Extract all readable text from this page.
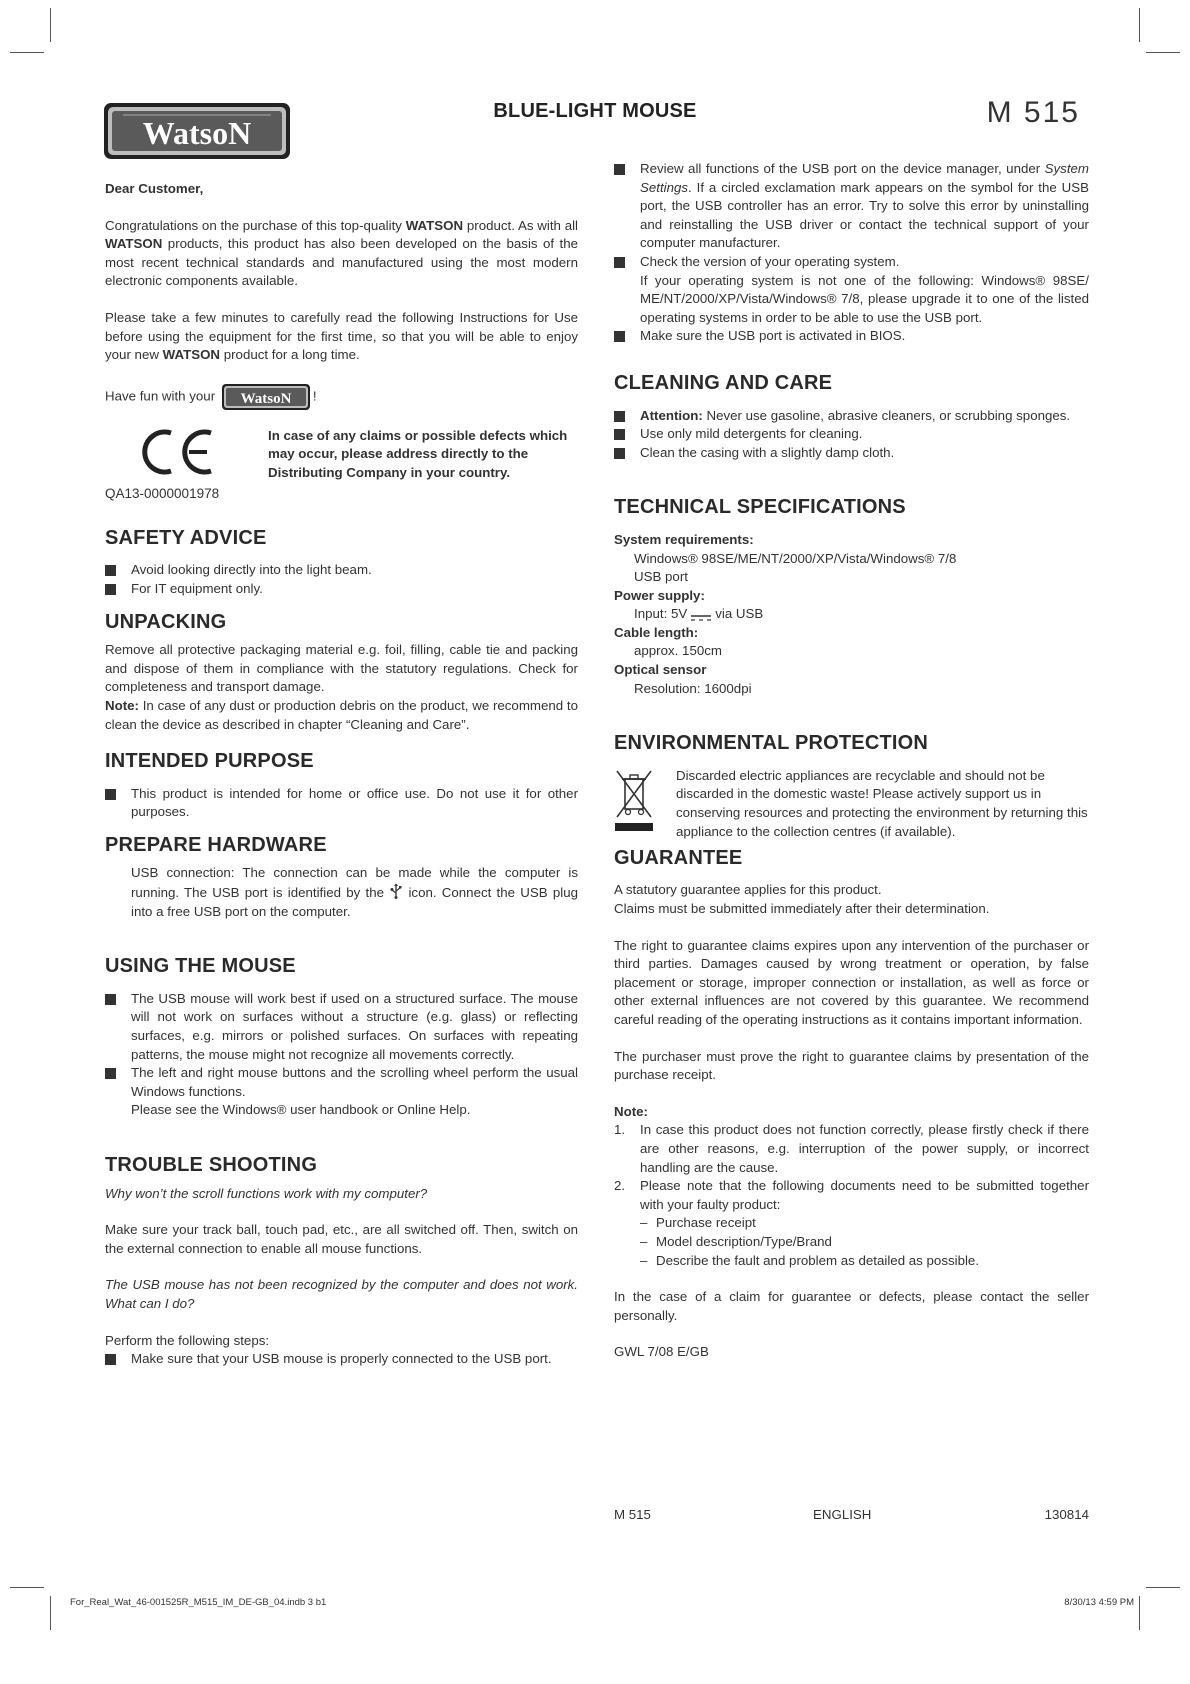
WatsoN
BLUE-LIGHT MOUSE	M 515

Dear Customer,

Congratulations on the purchase of this top-quality WATSON product. As with all WATSON products, this product has also been developed on the basis of the most recent technical standards and manufactured using the most modern electronic components available.

Please take a few minutes to carefully read the following Instructions for Use before using the equipment for the first time, so that you will be able to enjoy your new WATSON product for a long time.

Have fun with your WatsoN !

QA13-0000001978
In case of any claims or possible defects which may occur, please address directly to the Distributing Company in your country.
SAFETY ADVICE
Avoid looking directly into the light beam.
For IT equipment only.
UNPACKING

Remove all protective packaging material e.g. foil, filling, cable tie and packing and dispose of them in compliance with the statutory regulations. Check for completeness and transport damage.

Note: In case of any dust or production debris on the product, we recommend to clean the device as described in chapter “Cleaning and Care”.

INTENDED PURPOSE
This product is intended for home or office use. Do not use it for other purposes.
PREPARE HARDWARE

USB connection: The connection can be made while the computer is running. The USB port is identified by the  icon. Connect the USB plug into a free USB port on the computer.

USING THE MOUSE
The USB mouse will work best if used on a structured surface. The mouse will not work on surfaces without a structure (e.g. glass) or reflecting surfaces, e.g. mirrors or polished surfaces. On surfaces with repeating patterns, the mouse might not recognize all movements correctly.
The left and right mouse buttons and the scrolling wheel perform the usual Windows functions.
Please see the Windows® user handbook or Online Help.
TROUBLE SHOOTING

Why won’t the scroll functions work with my computer?

Make sure your track ball, touch pad, etc., are all switched off. Then, switch on the external connection to enable all mouse functions.

The USB mouse has not been recognized by the computer and does not work. What can I do?

Perform the following steps:

Make sure that your USB mouse is properly connected to the USB port.
Review all functions of the USB port on the device manager, under System Settings. If a circled exclamation mark appears on the symbol for the USB port, the USB controller has an error. Try to solve this error by uninstalling and reinstalling the USB driver or contact the technical support of your computer manufacturer.
Check the version of your operating system.
If your operating system is not one of the following: Windows® 98SE/ ME/NT/2000/XP/Vista/Windows® 7/8, please upgrade it to one of the listed operating systems in order to be able to use the USB port.
Make sure the USB port is activated in BIOS.
CLEANING AND CARE
Attention: Never use gasoline, abrasive cleaners, or scrubbing sponges.
Use only mild detergents for cleaning.
Clean the casing with a slightly damp cloth.
TECHNICAL SPECIFICATIONS

System requirements:

Windows® 98SE/ME/NT/2000/XP/Vista/Windows® 7/8

USB port

Power supply:

Input: 5V via USB

Cable length:

approx. 150cm

Optical sensor

Resolution: 1600dpi

ENVIRONMENTAL PROTECTION
Discarded electric appliances are recyclable and should not be discarded in the domestic waste! Please actively support us in conserving resources and protecting the environment by returning this appliance to the collection centres (if available).
GUARANTEE

A statutory guarantee applies for this product.

Claims must be submitted immediately after their determination.

The right to guarantee claims expires upon any intervention of the purchaser or third parties. Damages caused by wrong treatment or operation, by false placement or storage, improper connection or installation, as well as force or other external influences are not covered by this guarantee. We recommend careful reading of the operating instructions as it contains important information.

The purchaser must prove the right to guarantee claims by presentation of the purchase receipt.

Note:

1. In case this product does not function correctly, please firstly check if there are other reasons, e.g. interruption of the power supply, or incorrect handling are the cause.
2. Please note that the following documents need to be submitted together with your faulty product:
– Purchase receipt
– Model description/Type/Brand
– Describe the fault and problem as detailed as possible.

In the case of a claim for guarantee or defects, please contact the seller personally.

GWL 7/08 E/GB

M 515	ENGLISH	130814
For_Real_Wat_46-001525R_M515_IM_DE-GB_04.indb 3 b1	8/30/13 4:59 PM
